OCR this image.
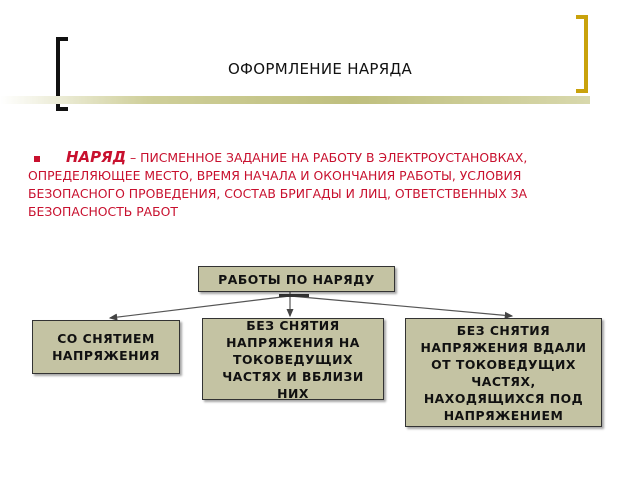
ОФОРМЛЕНИЕ НАРЯДА
НАРЯД – ПИСМЕННОЕ ЗАДАНИЕ НА РАБОТУ В ЭЛЕКТРОУСТАНОВКАХ, ОПРЕДЕЛЯЮЩЕЕ МЕСТО, ВРЕМЯ НАЧАЛА И ОКОНЧАНИЯ РАБОТЫ, УСЛОВИЯ БЕЗОПАСНОГО ПРОВЕДЕНИЯ, СОСТАВ БРИГАДЫ И ЛИЦ, ОТВЕТСТВЕННЫХ ЗА БЕЗОПАСНОСТЬ РАБОТ
РАБОТЫ ПО НАРЯДУ
СО СНЯТИЕМ НАПРЯЖЕНИЯ
БЕЗ СНЯТИЯ НАПРЯЖЕНИЯ НА ТОКОВЕДУЩИХ ЧАСТЯХ И ВБЛИЗИ НИХ
БЕЗ СНЯТИЯ НАПРЯЖЕНИЯ ВДАЛИ ОТ ТОКОВЕДУЩИХ ЧАСТЯХ, НАХОДЯЩИХСЯ ПОД НАПРЯЖЕНИЕМ
